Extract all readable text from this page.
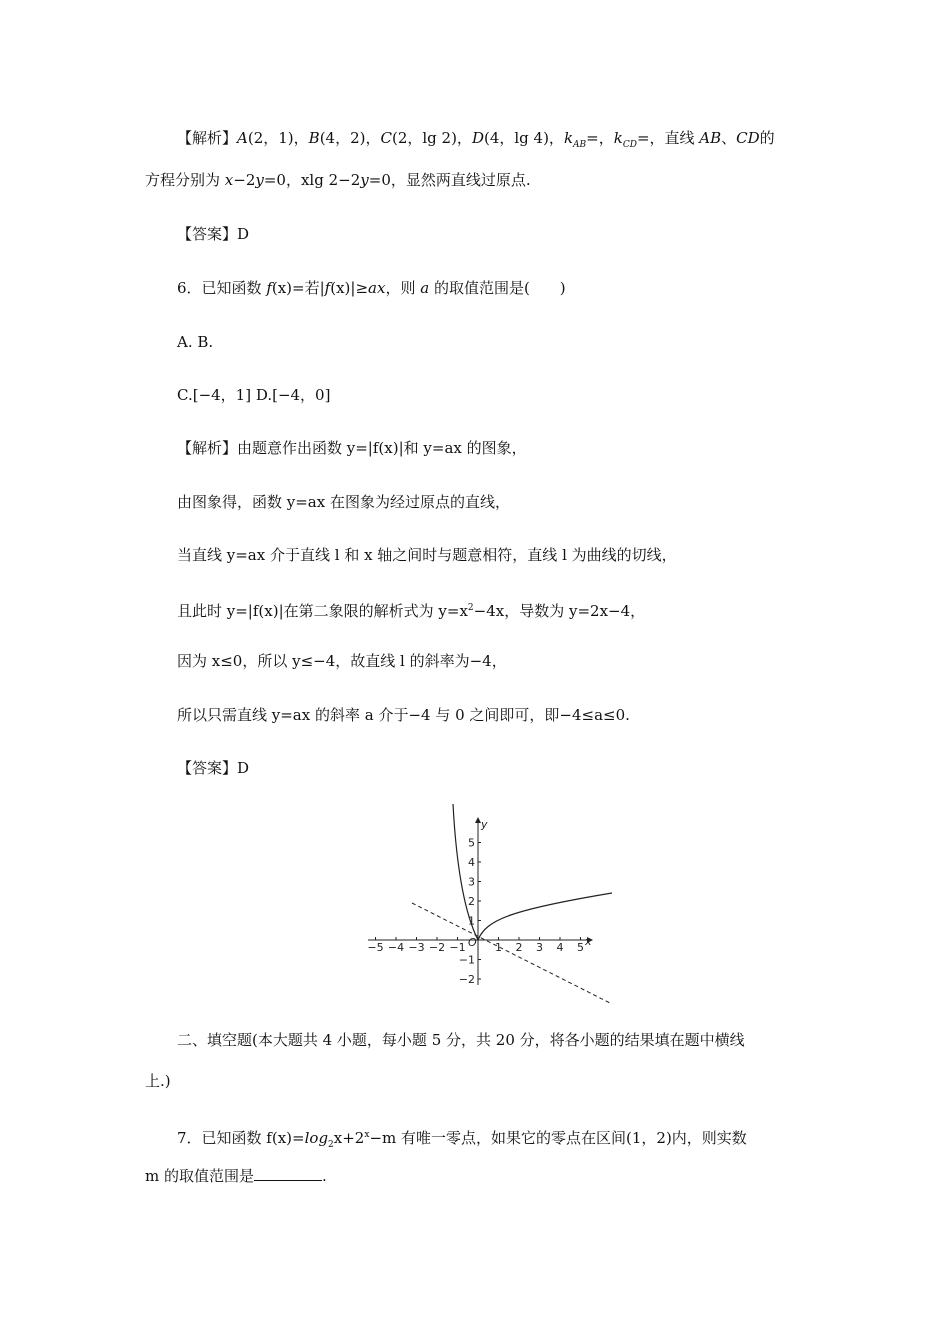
【解析】A(2，1)，B(4，2)，C(2，lg 2)，D(4，lg 4)，$k_{AB}=$，$k_{CD}=$，直线 AB、CD的
方程分别为 x−2y=0，xlg 2−2y=0，显然两直线过原点.
【答案】D
6．已知函数 f(x)=若|f(x)|≥ax，则 a 的取值范围是(　　)
A. B.
C.[−4，1] D.[−4，0]
【解析】由题意作出函数 y=|f(x)|和 y=ax 的图象，
由图象得，函数 y=ax 在图象为经过原点的直线，
当直线 y=ax 介于直线 l 和 x 轴之间时与题意相符，直线 l 为曲线的切线，
且此时 y=|f(x)|在第二象限的解析式为 $y=x^2-4x$，导数为 y=2x−4，
因为 x≤0，所以 y≤−4，故直线 l 的斜率为−4，
所以只需直线 y=ax 的斜率 a 介于−4 与 0 之间即可，即−4≤a≤0.
【答案】D
−5 −4 −3 −2 −1	1 2 3 4 5
5
4
3
2
1
−1
−2
x
y
O
二、填空题(本大题共 4 小题，每小题 5 分，共 20 分，将各小题的结果填在题中横线
上.)
7．已知函数 $f(x)=\log_2x+2^x-m$ 有唯一零点，如果它的零点在区间(1，2)内，则实数
m 的取值范围是	.
